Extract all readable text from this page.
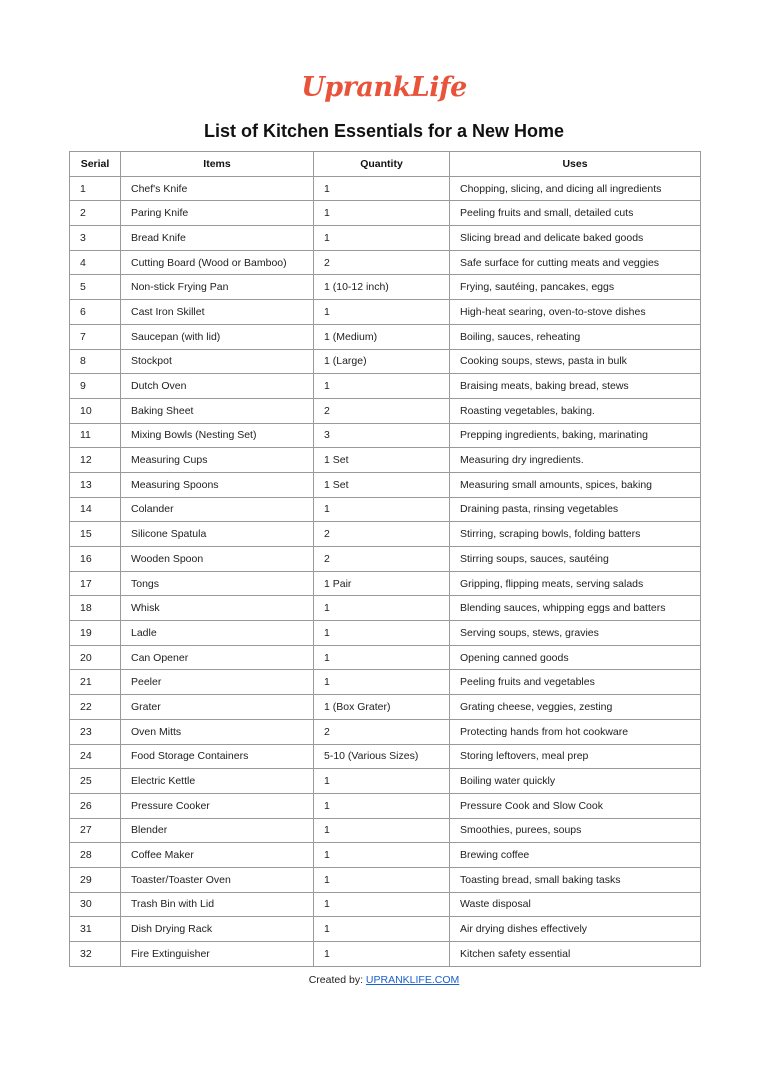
UprankLife
List of Kitchen Essentials for a New Home
Serial	Items	Quantity	Uses
1	Chef's Knife	1	Chopping, slicing, and dicing all ingredients
2	Paring Knife	1	Peeling fruits and small, detailed cuts
3	Bread Knife	1	Slicing bread and delicate baked goods
4	Cutting Board (Wood or Bamboo)	2	Safe surface for cutting meats and veggies
5	Non-stick Frying Pan	1 (10-12 inch)	Frying, sautéing, pancakes, eggs
6	Cast Iron Skillet	1	High-heat searing, oven-to-stove dishes
7	Saucepan (with lid)	1 (Medium)	Boiling, sauces, reheating
8	Stockpot	1 (Large)	Cooking soups, stews, pasta in bulk
9	Dutch Oven	1	Braising meats, baking bread, stews
10	Baking Sheet	2	Roasting vegetables, baking.
11	Mixing Bowls (Nesting Set)	3	Prepping ingredients, baking, marinating
12	Measuring Cups	1 Set	Measuring dry ingredients.
13	Measuring Spoons	1 Set	Measuring small amounts, spices, baking
14	Colander	1	Draining pasta, rinsing vegetables
15	Silicone Spatula	2	Stirring, scraping bowls, folding batters
16	Wooden Spoon	2	Stirring soups, sauces, sautéing
17	Tongs	1 Pair	Gripping, flipping meats, serving salads
18	Whisk	1	Blending sauces, whipping eggs and batters
19	Ladle	1	Serving soups, stews, gravies
20	Can Opener	1	Opening canned goods
21	Peeler	1	Peeling fruits and vegetables
22	Grater	1 (Box Grater)	Grating cheese, veggies, zesting
23	Oven Mitts	2	Protecting hands from hot cookware
24	Food Storage Containers	5-10 (Various Sizes)	Storing leftovers, meal prep
25	Electric Kettle	1	Boiling water quickly
26	Pressure Cooker	1	Pressure Cook and Slow Cook
27	Blender	1	Smoothies, purees, soups
28	Coffee Maker	1	Brewing coffee
29	Toaster/Toaster Oven	1	Toasting bread, small baking tasks
30	Trash Bin with Lid	1	Waste disposal
31	Dish Drying Rack	1	Air drying dishes effectively
32	Fire Extinguisher	1	Kitchen safety essential
Created by: UPRANKLIFE.COM
